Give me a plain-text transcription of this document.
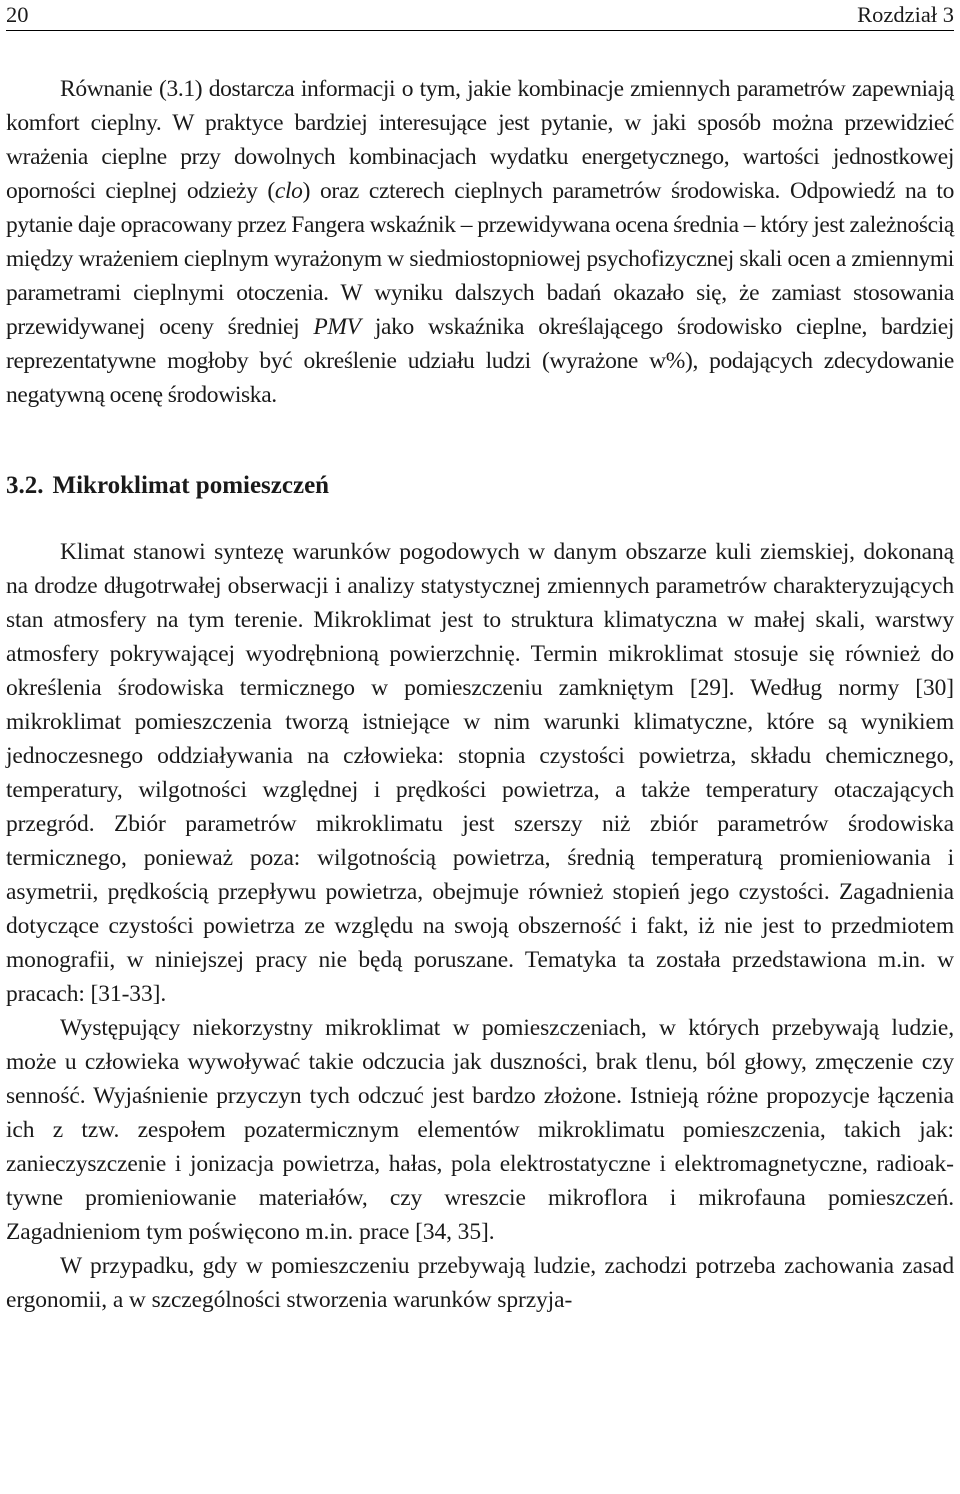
20	Rozdział 3

Równanie (3.1) dostarcza informacji o tym, jakie kombinacje zmiennych parametrów zapewniają komfort cieplny. W praktyce bardziej interesujące jest pytanie, w jaki sposób można przewidzieć wrażenia cieplne przy dowolnych kombinacjach wydatku energetycznego, wartości jednostkowej oporności cieplnej odzieży (clo) oraz czterech cieplnych parametrów środowiska. Odpowiedź na to pytanie daje opracowany przez Fangera wskaźnik – przewidywana ocena średnia – który jest zależnością między wrażeniem cieplnym wyrażonym w siedmiostopniowej psychofizycznej skali ocen a zmiennymi parametrami cieplnymi otoczenia. W wyniku dalszych badań okazało się, że zamiast stosowania przewidywanej oceny średniej PMV jako wskaźnika określającego środowisko cieplne, bardziej reprezentatywne mogłoby być określenie udziału ludzi (wyrażone w%), podających zdecydowanie negatywną ocenę środowiska.

3.2. Mikroklimat pomieszczeń

Klimat stanowi syntezę warunków pogodowych w danym obszarze kuli ziemskiej, dokonaną na drodze długotrwałej obserwacji i analizy statystycznej zmiennych parametrów charakteryzujących stan atmosfery na tym terenie. Mikroklimat jest to struktura klimatyczna w małej skali, warstwy atmosfery pokrywającej wyodrębnioną powierzchnię. Termin mikroklimat stosuje się również do określenia środowiska termicznego w pomieszczeniu zamkniętym [29]. Według normy [30] mikroklimat pomieszczenia tworzą istniejące w nim warunki klimatyczne, które są wynikiem jednoczesnego oddziaływania na człowieka: stopnia czystości powietrza, składu chemicznego, temperatury, wilgotności względnej i prędkości powietrza, a także temperatury otaczających przegród. Zbiór parametrów mikroklimatu jest szerszy niż zbiór parametrów środowiska termicznego, ponieważ poza: wilgotnością powietrza, średnią temperaturą promieniowania i asymetrii, prędkością przepływu powietrza, obejmuje również stopień jego czystości. Zagadnienia dotyczące czystości powietrza ze względu na swoją obszerność i fakt, iż nie jest to przedmiotem monografii, w niniejszej pracy nie będą poruszane. Tematyka ta została przedstawiona m.in. w pracach: [31-33].

Występujący niekorzystny mikroklimat w pomieszczeniach, w których przebywają ludzie, może u człowieka wywoływać takie odczucia jak duszności, brak tlenu, ból głowy, zmęczenie czy senność. Wyjaśnienie przyczyn tych odczuć jest bardzo złożone. Istnieją różne propozycje łączenia ich z tzw. zespołem pozatermicznym elementów mikroklimatu pomieszczenia, takich jak: zanieczyszczenie i jonizacja powietrza, hałas, pola elektrostatyczne i elektromagnetyczne, radioaktywne promieniowanie materiałów, czy wreszcie mikroflora i mikrofauna pomieszczeń. Zagadnieniom tym poświęcono m.in. prace [34, 35].

W przypadku, gdy w pomieszczeniu przebywają ludzie, zachodzi potrzeba zachowania zasad ergonomii, a w szczególności stworzenia warunków sprzyja-
